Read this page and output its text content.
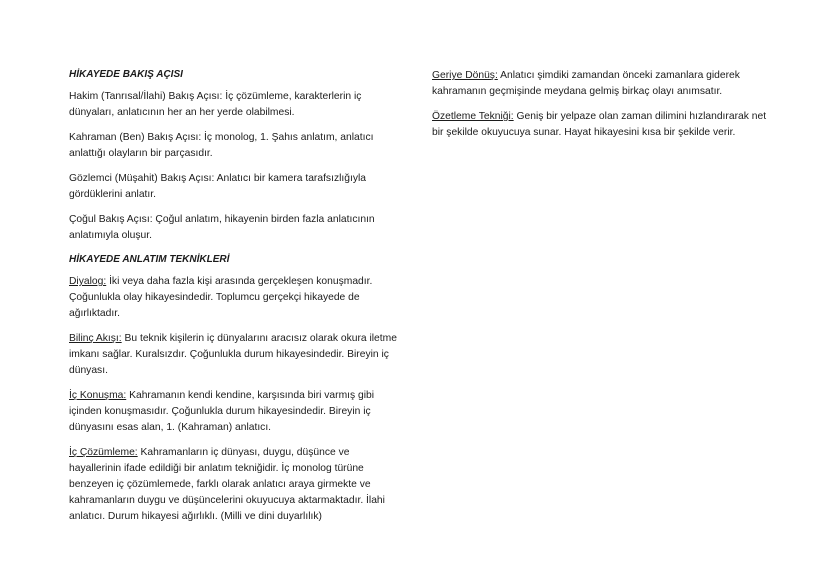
HİKAYEDE BAKIŞ AÇISI

Hakim (Tanrısal/İlahi) Bakış Açısı: İç çözümleme, karakterlerin iç dünyaları, anlatıcının her an her yerde olabilmesi.

Kahraman (Ben) Bakış Açısı: İç monolog, 1. Şahıs anlatım, anlatıcı anlattığı olayların bir parçasıdır.

Gözlemci (Müşahit) Bakış Açısı: Anlatıcı bir kamera tarafsızlığıyla gördüklerini anlatır.

Çoğul Bakış Açısı: Çoğul anlatım, hikayenin birden fazla anlatıcının anlatımıyla oluşur.

HİKAYEDE ANLATIM TEKNİKLERİ

Diyalog: İki veya daha fazla kişi arasında gerçekleşen konuşmadır. Çoğunlukla olay hikayesindedir. Toplumcu gerçekçi hikayede de ağırlıktadır.

Bilinç Akışı: Bu teknik kişilerin iç dünyalarını aracısız olarak okura iletme imkanı sağlar. Kuralsızdır. Çoğunlukla durum hikayesindedir. Bireyin iç dünyası.

İç Konuşma: Kahramanın kendi kendine, karşısında biri varmış gibi içinden konuşmasıdır. Çoğunlukla durum hikayesindedir. Bireyin iç dünyasını esas alan, 1. (Kahraman) anlatıcı.

İç Çözümleme: Kahramanların iç dünyası, duygu, düşünce ve hayallerinin ifade edildiği bir anlatım tekniğidir. İç monolog türüne benzeyen iç çözümlemede, farklı olarak anlatıcı araya girmekte ve kahramanların duygu ve düşüncelerini okuyucuya aktarmaktadır. İlahi anlatıcı. Durum hikayesi ağırlıklı. (Milli ve dini duyarlılık)

Geriye Dönüş: Anlatıcı şimdiki zamandan önceki zamanlara giderek kahramanın geçmişinde meydana gelmiş birkaç olayı anımsatır.

Özetleme Tekniği: Geniş bir yelpaze olan zaman dilimini hızlandırarak net bir şekilde okuyucuya sunar. Hayat hikayesini kısa bir şekilde verir.
